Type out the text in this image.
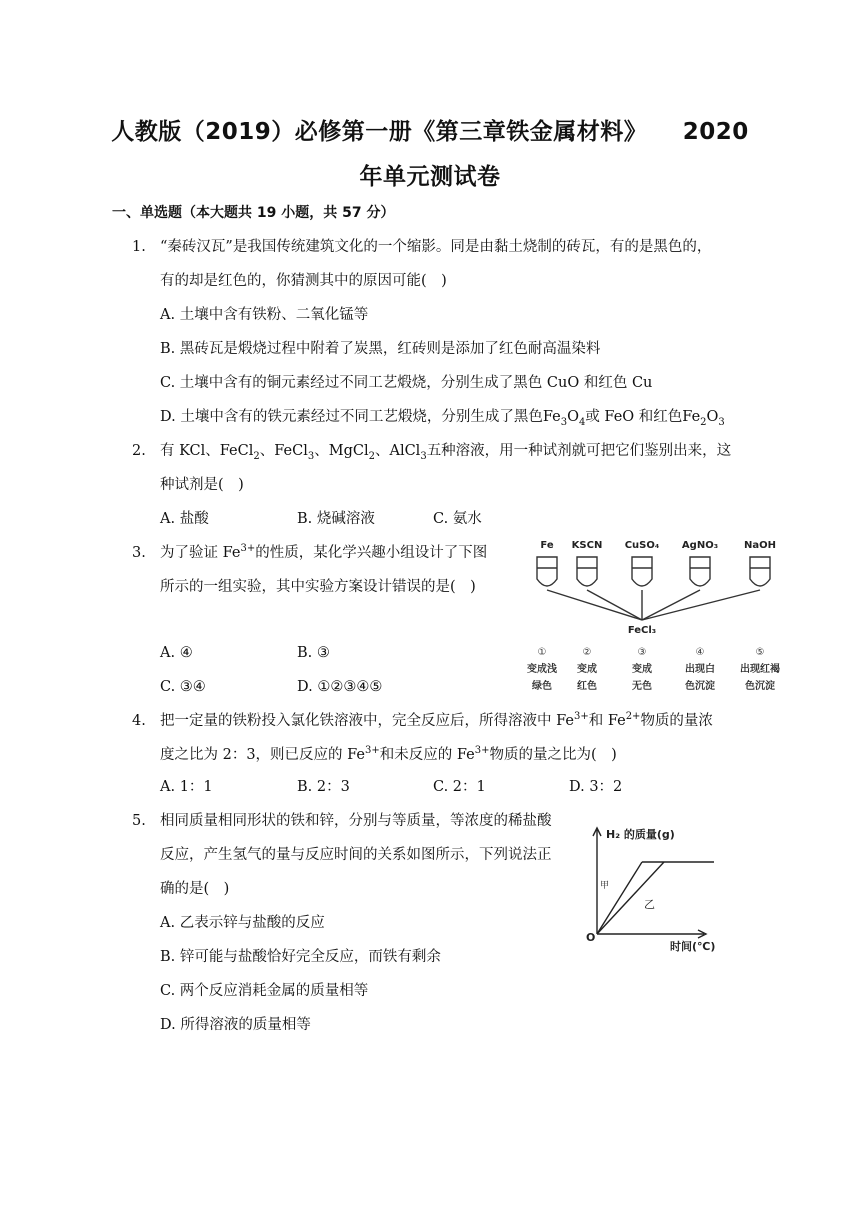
人教版（2019）必修第一册《第三章铁金属材料》　　2020
年单元测试卷
一、单选题（本大题共 19 小题，共 57 分）
1. “秦砖汉瓦”是我国传统建筑文化的一个缩影。同是由黏土烧制的砖瓦，有的是黑色的，
有的却是红色的，你猜测其中的原因可能(　)
A. 土壤中含有铁粉、二氧化锰等
B. 黑砖瓦是煅烧过程中附着了炭黑，红砖则是添加了红色耐高温染料
C. 土壤中含有的铜元素经过不同工艺煅烧，分别生成了黑色 CuO 和红色 Cu
D. 土壤中含有的铁元素经过不同工艺煅烧，分别生成了黑色$Fe_3O_4$或 FeO 和红色$Fe_2O_3$
2. 有 KCl、FeCl$_2$、FeCl$_3$、MgCl$_2$、AlCl$_3$五种溶液，用一种试剂就可把它们鉴别出来，这
种试剂是(　)
A. 盐酸	B. 烧碱溶液	C. 氨水
3. 为了验证 $Fe^{3+}$的性质，某化学兴趣小组设计了下图
所示的一组实验，其中实验方案设计错误的是(　)
A. ④	B. ③
C. ③④	D. ①②③④⑤
Fe KSCN CuSO₄ AgNO₃	NaOH
FeCl₃
①	②	③	④	⑤
变成浅 变成	变成	出现白	出现红褐
绿色	红色	无色	色沉淀	色沉淀
4. 把一定量的铁粉投入氯化铁溶液中，完全反应后，所得溶液中 $Fe^{3+}$和 $Fe^{2+}$物质的量浓
度之比为 2：3，则已反应的 $Fe^{3+}$和未反应的 $Fe^{3+}$物质的量之比为(　)
A. 1：1	B. 2：3	C. 2：1	D. 3：2
5. 相同质量相同形状的铁和锌，分别与等质量，等浓度的稀盐酸
反应，产生氢气的量与反应时间的关系如图所示，下列说法正
确的是(　)
A. 乙表示锌与盐酸的反应
B. 锌可能与盐酸恰好完全反应，而铁有剩余
C. 两个反应消耗金属的质量相等
D. 所得溶液的质量相等
H₂ 的质量(g)
O
甲
乙
时间(℃)
